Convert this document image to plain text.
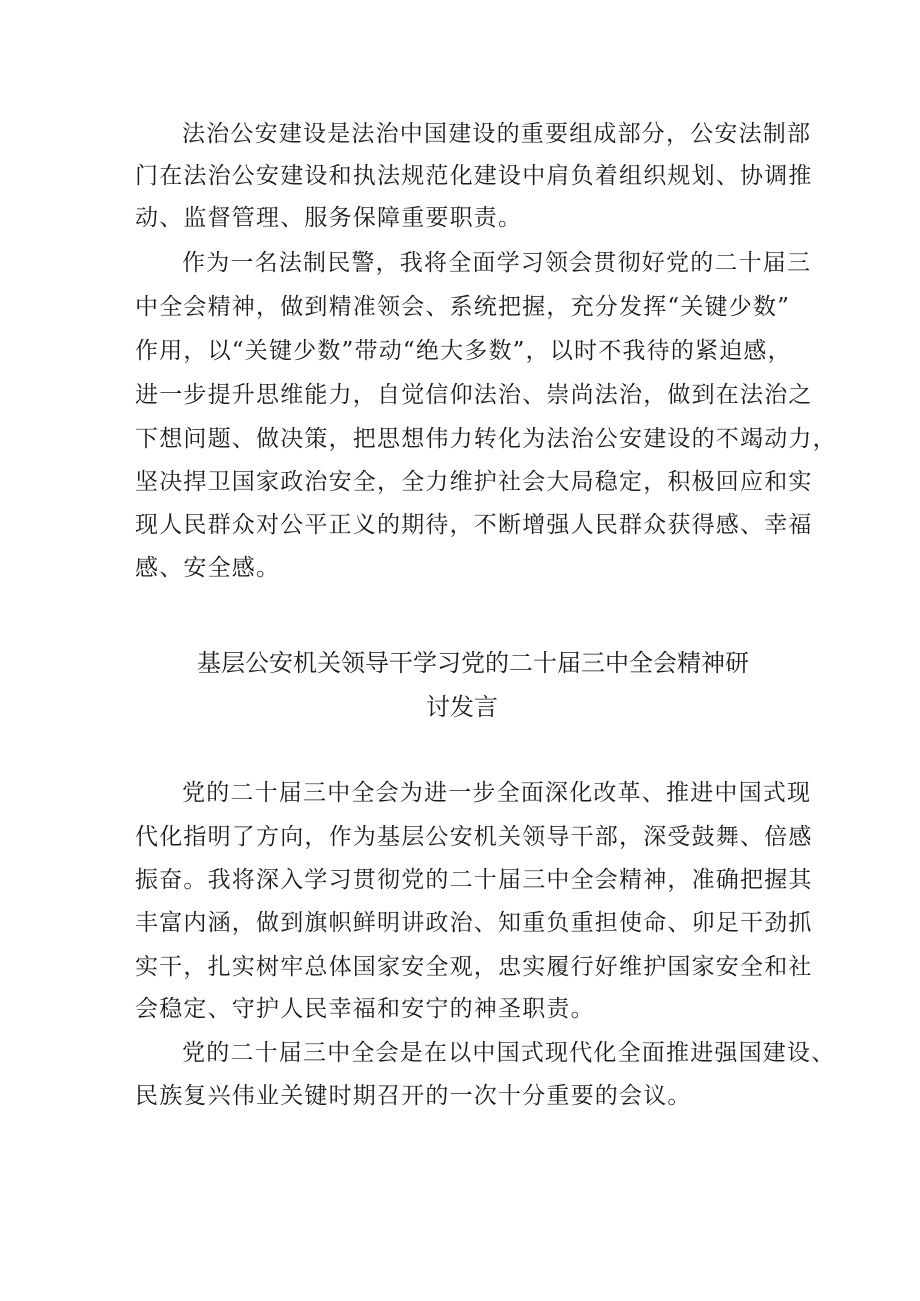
法治公安建设是法治中国建设的重要组成部分，公安法制部
门在法治公安建设和执法规范化建设中肩负着组织规划、协调推
动、监督管理、服务保障重要职责。
作为一名法制民警，我将全面学习领会贯彻好党的二十届三
中全会精神，做到精准领会、系统把握，充分发挥“关键少数”
作用，以“关键少数”带动“绝大多数”，以时不我待的紧迫感，
进一步提升思维能力，自觉信仰法治、崇尚法治，做到在法治之
下想问题、做决策，把思想伟力转化为法治公安建设的不竭动力，
坚决捍卫国家政治安全，全力维护社会大局稳定，积极回应和实
现人民群众对公平正义的期待，不断增强人民群众获得感、幸福
感、安全感。
基层公安机关领导干学习党的二十届三中全会精神研
讨发言
党的二十届三中全会为进一步全面深化改革、推进中国式现
代化指明了方向，作为基层公安机关领导干部，深受鼓舞、倍感
振奋。我将深入学习贯彻党的二十届三中全会精神，准确把握其
丰富内涵，做到旗帜鲜明讲政治、知重负重担使命、卯足干劲抓
实干，扎实树牢总体国家安全观，忠实履行好维护国家安全和社
会稳定、守护人民幸福和安宁的神圣职责。
党的二十届三中全会是在以中国式现代化全面推进强国建设、
民族复兴伟业关键时期召开的一次十分重要的会议。
